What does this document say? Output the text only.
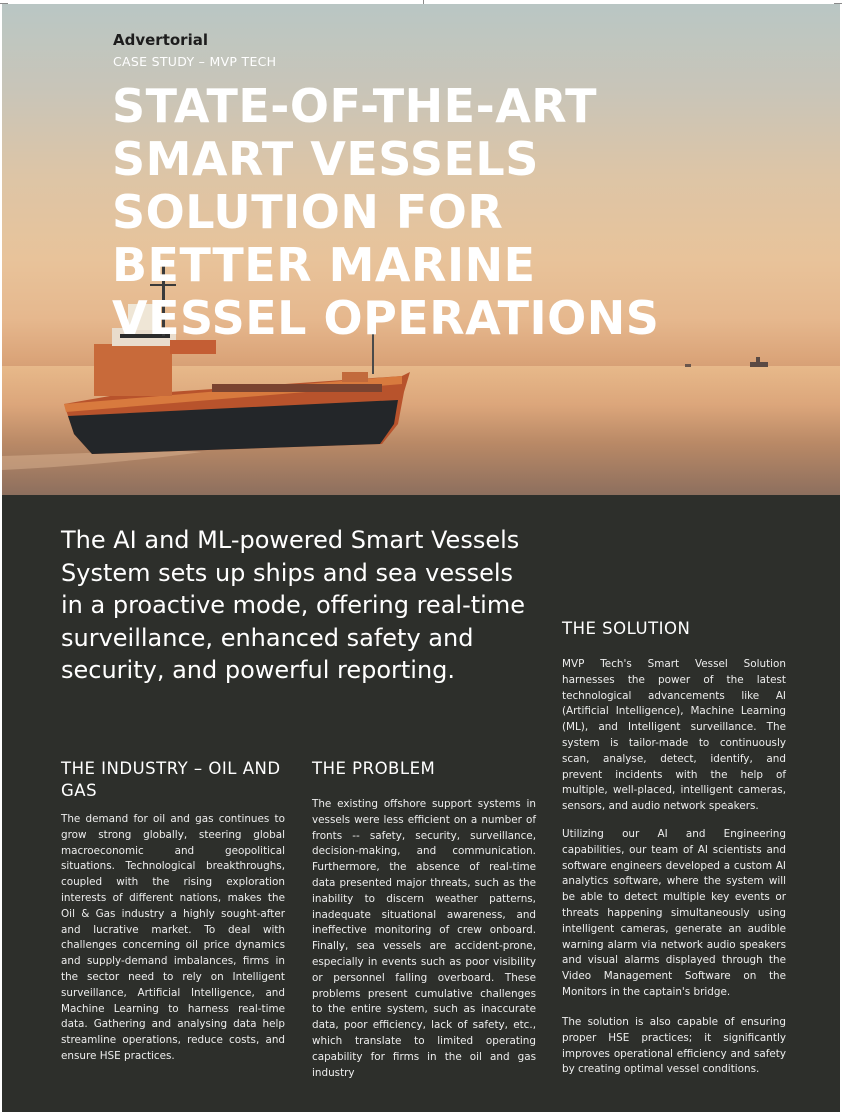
Advertorial

CASE STUDY – MVP TECH

STATE-OF-THE-ART
SMART VESSELS
SOLUTION FOR
BETTER MARINE
VESSEL OPERATIONS

The AI and ML-powered Smart Vessels System sets up ships and sea vessels in a proactive mode, offering real-time surveillance, enhanced safety and security, and powerful reporting.

THE INDUSTRY – OIL AND GAS

The demand for oil and gas continues to grow strong globally, steering global macroeconomic and geopolitical situations. Technological breakthroughs, coupled with the rising exploration interests of different nations, makes the Oil & Gas industry a highly sought-after and lucrative market. To deal with challenges concerning oil price dynamics and supply-demand imbalances, firms in the sector need to rely on Intelligent surveillance, Artificial Intelligence, and Machine Learning to harness real-time data. Gathering and analysing data help streamline operations, reduce costs, and ensure HSE practices.

THE PROBLEM

The existing offshore support systems in vessels were less efficient on a number of fronts -- safety, security, surveillance, decision-making, and communication. Furthermore, the absence of real-time data presented major threats, such as the inability to discern weather patterns, inadequate situational awareness, and ineffective monitoring of crew onboard. Finally, sea vessels are accident-prone, especially in events such as poor visibility or personnel falling overboard. These problems present cumulative challenges to the entire system, such as inaccurate data, poor efficiency, lack of safety, etc., which translate to limited operating capability for firms in the oil and gas industry

THE SOLUTION

MVP Tech's Smart Vessel Solution harnesses the power of the latest technological advancements like AI (Artificial Intelligence), Machine Learning (ML), and Intelligent surveillance. The system is tailor-made to continuously scan, analyse, detect, identify, and prevent incidents with the help of multiple, well-placed, intelligent cameras, sensors, and audio network speakers.

Utilizing our AI and Engineering capabilities, our team of AI scientists and software engineers developed a custom AI analytics software, where the system will be able to detect multiple key events or threats happening simultaneously using intelligent cameras, generate an audible warning alarm via network audio speakers and visual alarms displayed through the Video Management Software on the Monitors in the captain's bridge.

The solution is also capable of ensuring proper HSE practices; it significantly improves operational efficiency and safety by creating optimal vessel conditions.
